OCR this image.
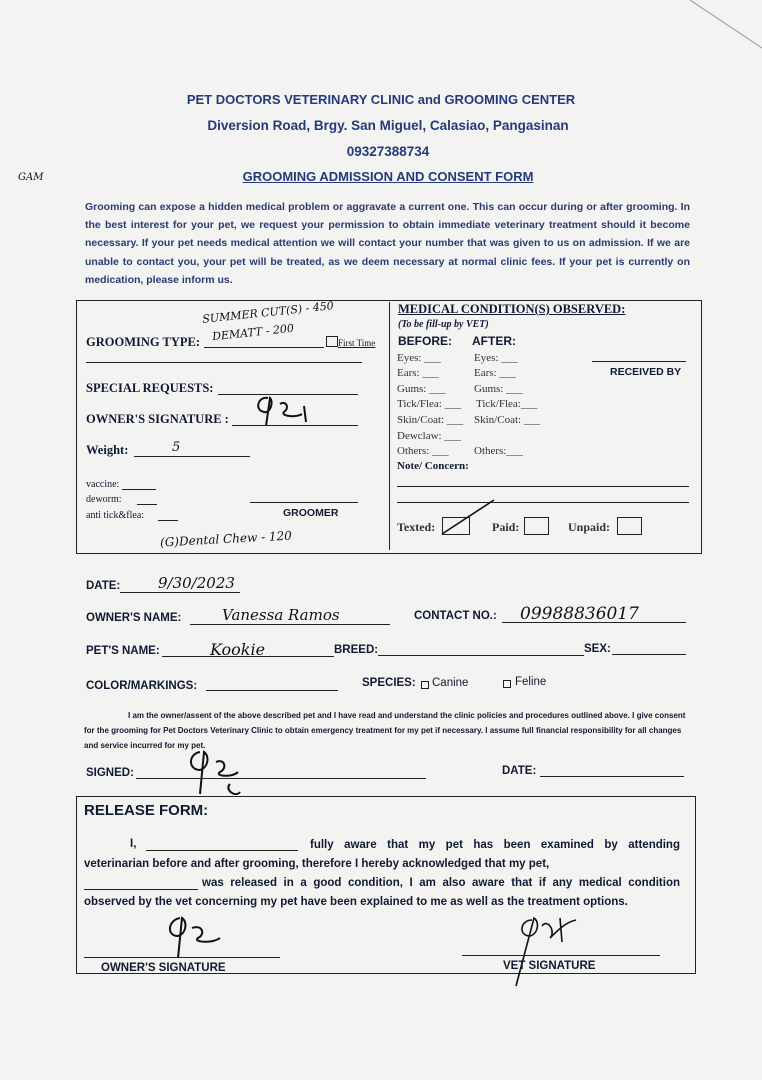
PET DOCTORS VETERINARY CLINIC and GROOMING CENTER
Diversion Road, Brgy. San Miguel, Calasiao, Pangasinan
09327388734
GROOMING ADMISSION AND CONSENT FORM
GAM
Grooming can expose a hidden medical problem or aggravate a current one. This can occur during or after grooming. In the best interest for your pet, we request your permission to obtain immediate veterinary treatment should it become necessary. If your pet needs medical attention we will contact your number that was given to us on admission. If we are unable to contact you, your pet will be treated, as we deem necessary at normal clinic fees. If your pet is currently on medication, please inform us.
SUMMER CUT(S) - 450
DEMATT - 200
GROOMING TYPE:	First Time
SPECIAL REQUESTS:
OWNER'S SIGNATURE :
Weight:	5
vaccine:
deworm:
anti tick&flea:	GROOMER
(G)Dental Chew - 120
MEDICAL CONDITION(S) OBSERVED:
(To be fill-up by VET)
BEFORE: AFTER:
RECEIVED BY
Eyes: ___	Eyes: ___
Ears: ___	Ears: ___
Gums: ___	Gums: ___
Tick/Flea: ___ Tick/Flea:___
Skin/Coat: ___ Skin/Coat: ___
Dewclaw: ___
Others: ___ Others:___
Note/ Concern:
Texted:	Paid:	Unpaid:
DATE:	9/30/2023
OWNER'S NAME:	Vanessa Ramos	CONTACT NO.: 09988836017
PET'S NAME:	Kookie	BREED:	SEX:
COLOR/MARKINGS:	SPECIES: Canine	Feline
I am the owner/assent of the above described pet and I have read and understand the clinic policies and procedures outlined above. I give consent for the grooming for Pet Doctors Veterinary Clinic to obtain emergency treatment for my pet if necessary. I assume full financial responsibility for all changes and service incurred for my pet.
SIGNED:	DATE:
RELEASE FORM:
I,	fully aware that my pet has been examined by attending veterinarian before and after grooming, therefore I hereby acknowledged that my pet,
was released in a good condition, I am also aware that if any medical condition observed by the vet concerning my pet have been explained to me as well as the treatment options.
OWNER'S SIGNATURE	VET SIGNATURE
